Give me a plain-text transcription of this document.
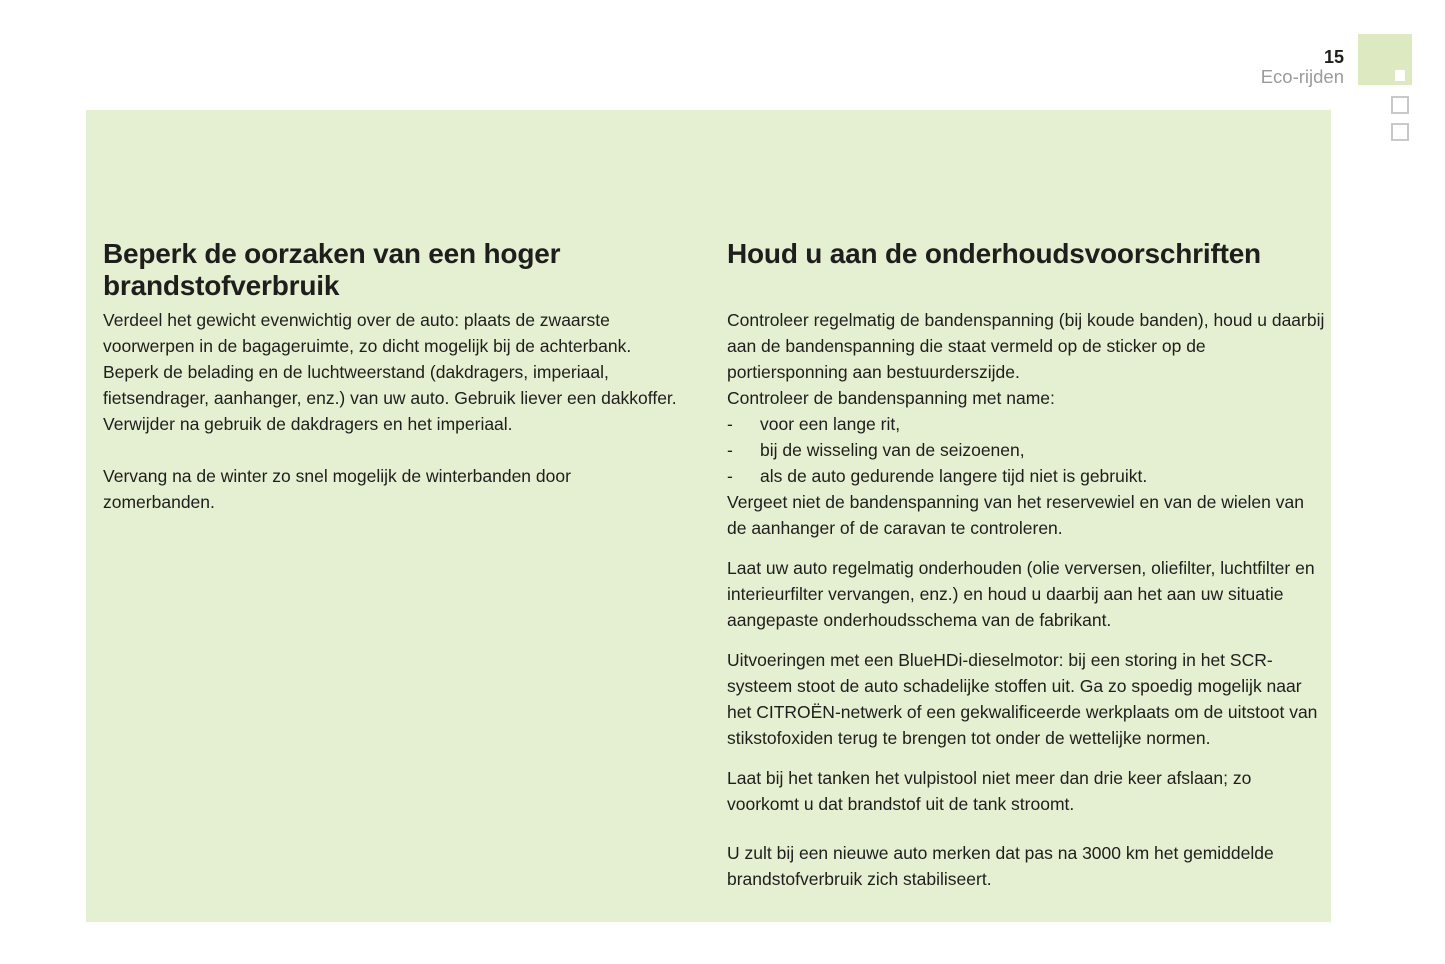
15
Eco-rijden
Beperk de oorzaken van een hoger brandstofverbruik
Verdeel het gewicht evenwichtig over de auto: plaats de zwaarste voorwerpen in de bagageruimte, zo dicht mogelijk bij de achterbank.
Beperk de belading en de luchtweerstand (dakdragers, imperiaal, fietsendrager, aanhanger, enz.) van uw auto. Gebruik liever een dakkoffer.
Verwijder na gebruik de dakdragers en het imperiaal.
Vervang na de winter zo snel mogelijk de winterbanden door zomerbanden.
Houd u aan de onderhoudsvoorschriften
Controleer regelmatig de bandenspanning (bij koude banden), houd u daarbij aan de bandenspanning die staat vermeld op de sticker op de portiersponning aan bestuurderszijde.
Controleer de bandenspanning met name:
-	voor een lange rit,
-	bij de wisseling van de seizoenen,
-	als de auto gedurende langere tijd niet is gebruikt.
Vergeet niet de bandenspanning van het reservewiel en van de wielen van de aanhanger of de caravan te controleren.

Laat uw auto regelmatig onderhouden (olie verversen, oliefilter, luchtfilter en interieurfilter vervangen, enz.) en houd u daarbij aan het aan uw situatie aangepaste onderhoudsschema van de fabrikant.

Uitvoeringen met een BlueHDi-dieselmotor: bij een storing in het SCR-systeem stoot de auto schadelijke stoffen uit. Ga zo spoedig mogelijk naar het CITROËN-netwerk of een gekwalificeerde werkplaats om de uitstoot van stikstofoxiden terug te brengen tot onder de wettelijke normen.

Laat bij het tanken het vulpistool niet meer dan drie keer afslaan; zo voorkomt u dat brandstof uit de tank stroomt.

U zult bij een nieuwe auto merken dat pas na 3000 km het gemiddelde brandstofverbruik zich stabiliseert.
